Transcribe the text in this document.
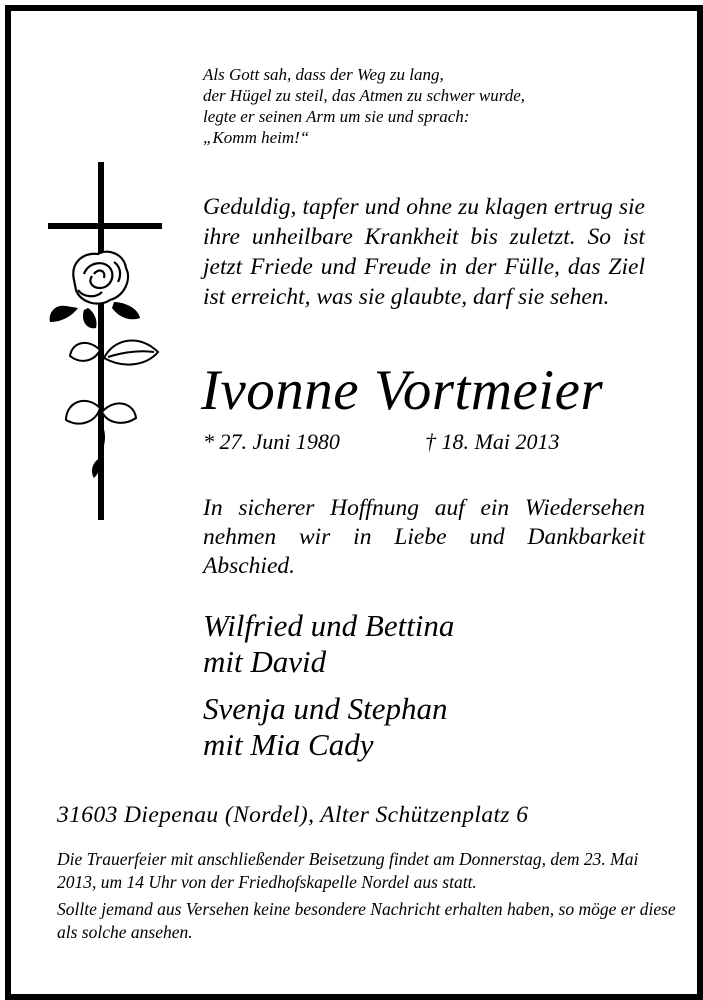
Als Gott sah, dass der Weg zu lang,
der Hügel zu steil, das Atmen zu schwer wurde,
legte er seinen Arm um sie und sprach:
„Komm heim!“
Geduldig, tapfer und ohne zu klagen ertrug sie ihre unheilbare Krankheit bis zuletzt. So ist jetzt Friede und Freude in der Fülle, das Ziel ist erreicht, was sie glaubte, darf sie sehen.
Ivonne Vortmeier
* 27. Juni 1980	† 18. Mai 2013
In sicherer Hoffnung auf ein Wiedersehen nehmen wir in Liebe und Dankbarkeit Abschied.
Wilfried und Bettina
mit David
Svenja und Stephan
mit Mia Cady
31603 Diepenau (Nordel), Alter Schützenplatz 6

Die Trauerfeier mit anschließender Beisetzung findet am Donnerstag, dem 23. Mai 2013, um 14 Uhr von der Friedhofskapelle Nordel aus statt.

Sollte jemand aus Versehen keine besondere Nachricht erhalten haben, so möge er diese als solche ansehen.
